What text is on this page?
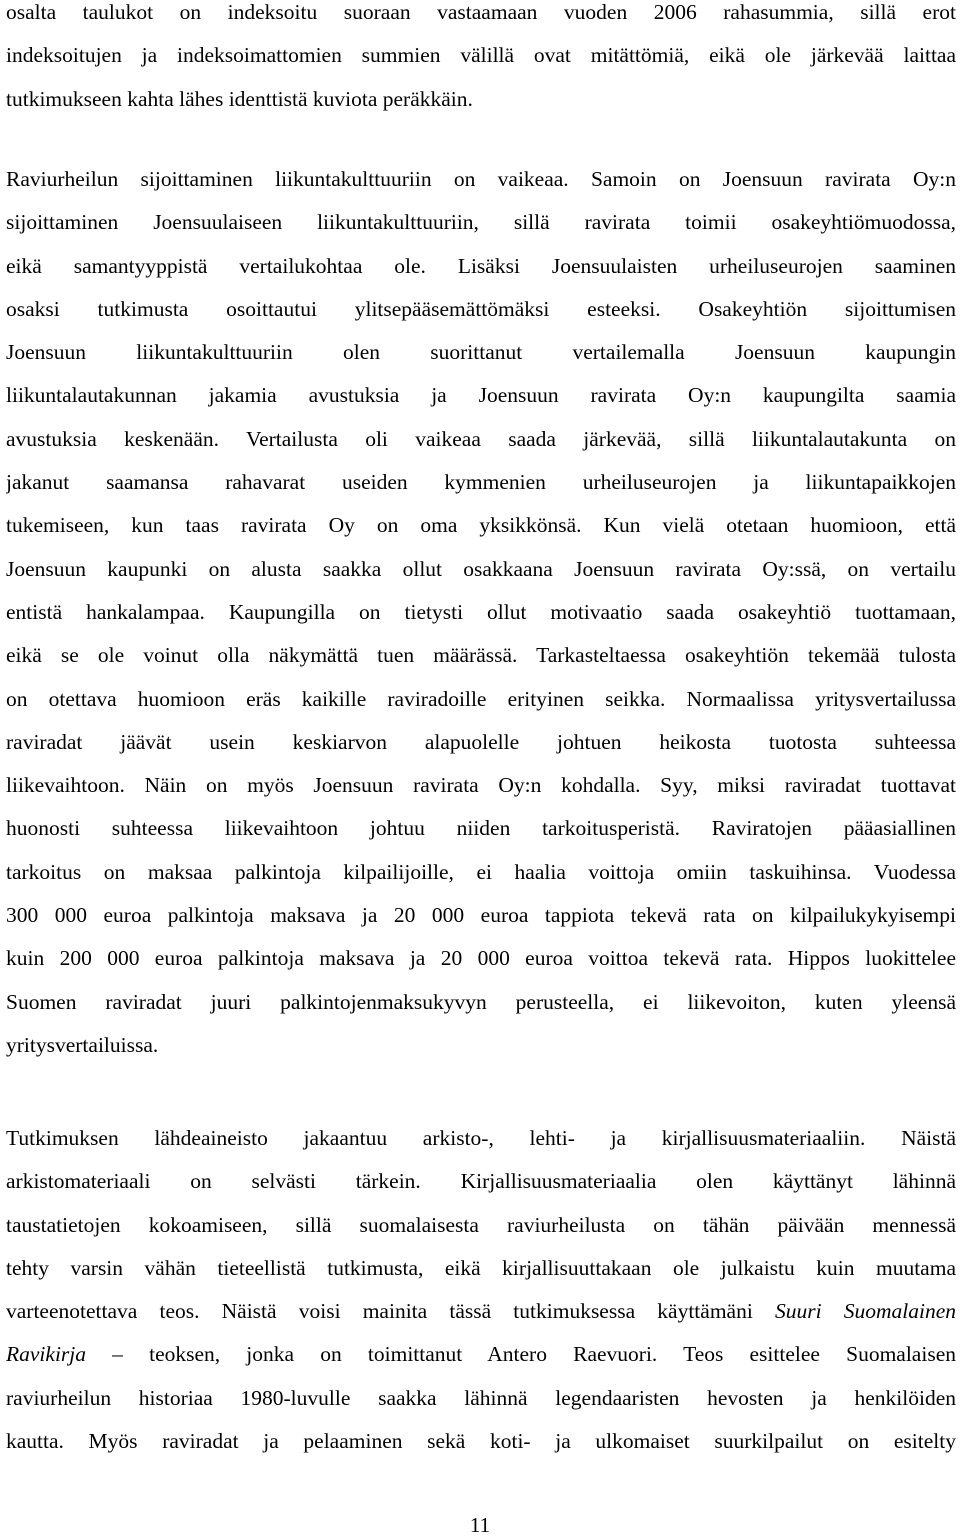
osalta taulukot on indeksoitu suoraan vastaamaan vuoden 2006 rahasummia, sillä erot
indeksoitujen ja indeksoimattomien summien välillä ovat mitättömiä, eikä ole järkevää laittaa
tutkimukseen kahta lähes identtistä kuviota peräkkäin.
Raviurheilun sijoittaminen liikuntakulttuuriin on vaikeaa. Samoin on Joensuun ravirata Oy:n
sijoittaminen Joensuulaiseen liikuntakulttuuriin, sillä ravirata toimii osakeyhtiömuodossa,
eikä samantyyppistä vertailukohtaa ole. Lisäksi Joensuulaisten urheiluseurojen saaminen
osaksi tutkimusta osoittautui ylitsepääsemättömäksi esteeksi. Osakeyhtiön sijoittumisen
Joensuun liikuntakulttuuriin olen suorittanut vertailemalla Joensuun kaupungin
liikuntalautakunnan jakamia avustuksia ja Joensuun ravirata Oy:n kaupungilta saamia
avustuksia keskenään. Vertailusta oli vaikeaa saada järkevää, sillä liikuntalautakunta on
jakanut saamansa rahavarat useiden kymmenien urheiluseurojen ja liikuntapaikkojen
tukemiseen, kun taas ravirata Oy on oma yksikkönsä. Kun vielä otetaan huomioon, että
Joensuun kaupunki on alusta saakka ollut osakkaana Joensuun ravirata Oy:ssä, on vertailu
entistä hankalampaa. Kaupungilla on tietysti ollut motivaatio saada osakeyhtiö tuottamaan,
eikä se ole voinut olla näkymättä tuen määrässä. Tarkasteltaessa osakeyhtiön tekemää tulosta
on otettava huomioon eräs kaikille raviradoille erityinen seikka. Normaalissa yritysvertailussa
raviradat jäävät usein keskiarvon alapuolelle johtuen heikosta tuotosta suhteessa
liikevaihtoon. Näin on myös Joensuun ravirata Oy:n kohdalla. Syy, miksi raviradat tuottavat
huonosti suhteessa liikevaihtoon johtuu niiden tarkoitusperistä. Raviratojen pääasiallinen
tarkoitus on maksaa palkintoja kilpailijoille, ei haalia voittoja omiin taskuihinsa. Vuodessa
300 000 euroa palkintoja maksava ja 20 000 euroa tappiota tekevä rata on kilpailukykyisempi
kuin 200 000 euroa palkintoja maksava ja 20 000 euroa voittoa tekevä rata. Hippos luokittelee
Suomen raviradat juuri palkintojenmaksukyvyn perusteella, ei liikevoiton, kuten yleensä
yritysvertailuissa.
Tutkimuksen lähdeaineisto jakaantuu arkisto-, lehti- ja kirjallisuusmateriaaliin. Näistä
arkistomateriaali on selvästi tärkein. Kirjallisuusmateriaalia olen käyttänyt lähinnä
taustatietojen kokoamiseen, sillä suomalaisesta raviurheilusta on tähän päivään mennessä
tehty varsin vähän tieteellistä tutkimusta, eikä kirjallisuuttakaan ole julkaistu kuin muutama
varteenotettava teos. Näistä voisi mainita tässä tutkimuksessa käyttämäni Suuri Suomalainen
Ravikirja – teoksen, jonka on toimittanut Antero Raevuori. Teos esittelee Suomalaisen
raviurheilun historiaa 1980-luvulle saakka lähinnä legendaaristen hevosten ja henkilöiden
kautta. Myös raviradat ja pelaaminen sekä koti- ja ulkomaiset suurkilpailut on esitelty
11
